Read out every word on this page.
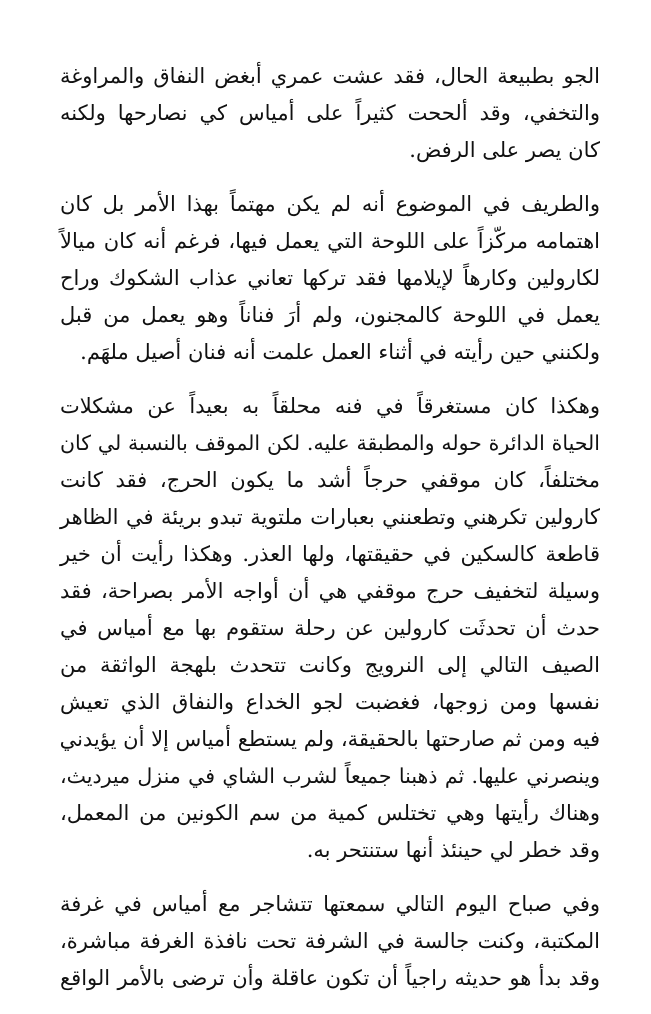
الجو بطبيعة الحال، فقد عشت عمري أبغض النفاق والمراوغة
والتخفي، وقد ألححت كثيراً على أمياس كي نصارحها ولكنه
كان يصر على الرفض.
والطريف في الموضوع أنه لم يكن مهتماً بهذا الأمر بل كان
اهتمامه مركّزاً على اللوحة التي يعمل فيها، فرغم أنه كان ميالاً
لكارولين وكارهاً لإيلامها فقد تركها تعاني عذاب الشكوك وراح
يعمل في اللوحة كالمجنون، ولم أرَ فناناً وهو يعمل من قبل
ولكنني حين رأيته في أثناء العمل علمت أنه فنان أصيل ملهَم.
وهكذا كان مستغرقاً في فنه محلقاً به بعيداً عن مشكلات
الحياة الدائرة حوله والمطبقة عليه. لكن الموقف بالنسبة لي كان
مختلفاً، كان موقفي حرجاً أشد ما يكون الحرج، فقد كانت
كارولين تكرهني وتطعنني بعبارات ملتوية تبدو بريئة في الظاهر
قاطعة كالسكين في حقيقتها، ولها العذر. وهكذا رأيت أن خير
وسيلة لتخفيف حرج موقفي هي أن أواجه الأمر بصراحة، فقد
حدث أن تحدثَت كارولين عن رحلة ستقوم بها مع أمياس في
الصيف التالي إلى النرويج وكانت تتحدث بلهجة الواثقة من
نفسها ومن زوجها، فغضبت لجو الخداع والنفاق الذي تعيش
فيه ومن ثم صارحتها بالحقيقة، ولم يستطع أمياس إلا أن يؤيدني
وينصرني عليها. ثم ذهبنا جميعاً لشرب الشاي في منزل ميرديث،
وهناك رأيتها وهي تختلس كمية من سم الكونين من المعمل،
وقد خطر لي حينئذ أنها ستنتحر به.
وفي صباح اليوم التالي سمعتها تتشاجر مع أمياس في غرفة
المكتبة، وكنت جالسة في الشرفة تحت نافذة الغرفة مباشرة،
وقد بدأ هو حديثه راجياً أن تكون عاقلة وأن ترضى بالأمر الواقع
